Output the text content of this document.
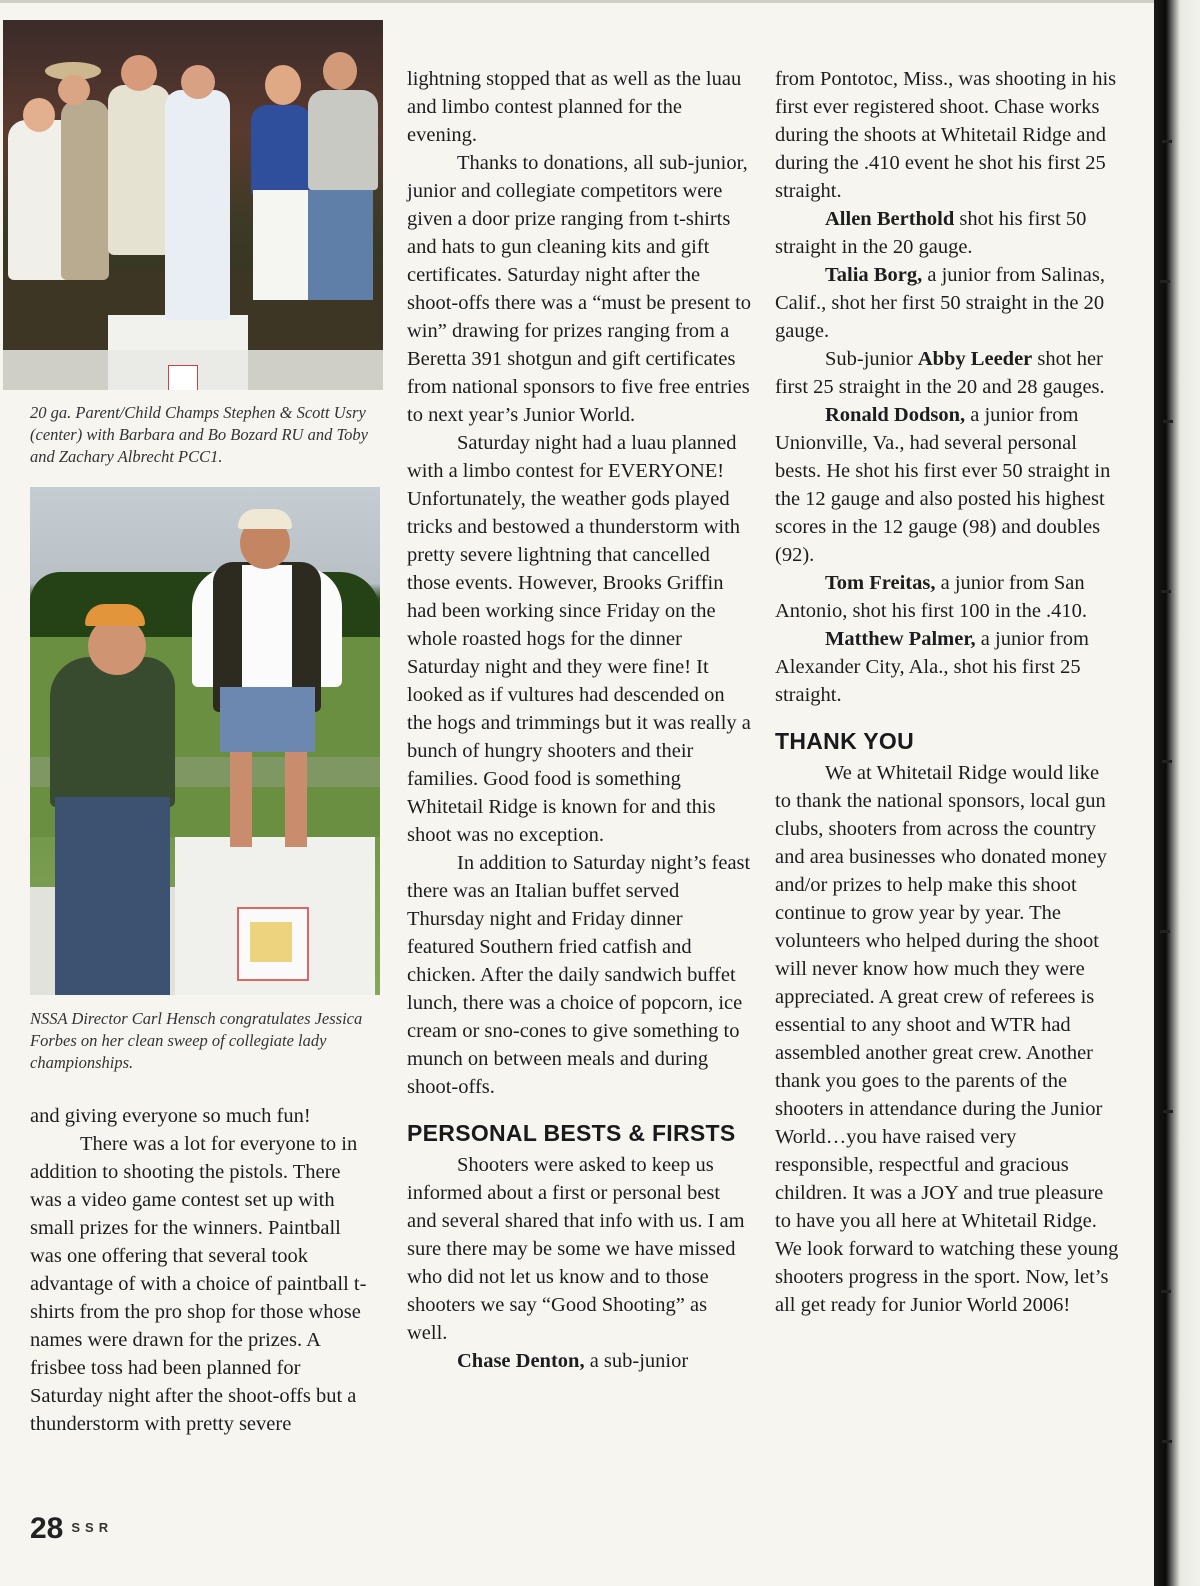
20 ga. Parent/Child Champs Stephen & Scott Usry (center) with Barbara and Bo Bozard RU and Toby and Zachary Albrecht PCC1.
NSSA Director Carl Hensch congratulates Jessica Forbes on her clean sweep of collegiate lady championships.

and giving everyone so much fun!

There was a lot for everyone to in addition to shooting the pistols. There was a video game contest set up with small prizes for the winners. Paintball was one offering that several took advantage of with a choice of paintball t-shirts from the pro shop for those whose names were drawn for the prizes. A frisbee toss had been planned for Saturday night after the shoot-offs but a thunderstorm with pretty severe

lightning stopped that as well as the luau and limbo contest planned for the evening.

Thanks to donations, all sub-junior, junior and collegiate competitors were given a door prize ranging from t-shirts and hats to gun cleaning kits and gift certificates. Saturday night after the shoot-offs there was a “must be present to win” drawing for prizes ranging from a Beretta 391 shotgun and gift certificates from national sponsors to five free entries to next year’s Junior World.

Saturday night had a luau planned with a limbo contest for EVERYONE! Unfortunately, the weather gods played tricks and bestowed a thunderstorm with pretty severe lightning that cancelled those events. However, Brooks Griffin had been working since Friday on the whole roasted hogs for the dinner Saturday night and they were fine! It looked as if vultures had descended on the hogs and trimmings but it was really a bunch of hungry shooters and their families. Good food is something Whitetail Ridge is known for and this shoot was no exception.

In addition to Saturday night’s feast there was an Italian buffet served Thursday night and Friday dinner featured Southern fried catfish and chicken. After the daily sandwich buffet lunch, there was a choice of popcorn, ice cream or sno-cones to give something to munch on between meals and during shoot-offs.

PERSONAL BESTS & FIRSTS

Shooters were asked to keep us informed about a first or personal best and several shared that info with us. I am sure there may be some we have missed who did not let us know and to those shooters we say “Good Shooting” as well.

Chase Denton, a sub-junior

from Pontotoc, Miss., was shooting in his first ever registered shoot. Chase works during the shoots at Whitetail Ridge and during the .410 event he shot his first 25 straight.

Allen Berthold shot his first 50 straight in the 20 gauge.

Talia Borg, a junior from Salinas, Calif., shot her first 50 straight in the 20 gauge.

Sub-junior Abby Leeder shot her first 25 straight in the 20 and 28 gauges.

Ronald Dodson, a junior from Unionville, Va., had several personal bests. He shot his first ever 50 straight in the 12 gauge and also posted his highest scores in the 12 gauge (98) and doubles (92).

Tom Freitas, a junior from San Antonio, shot his first 100 in the .410.

Matthew Palmer, a junior from Alexander City, Ala., shot his first 25 straight.

THANK YOU

We at Whitetail Ridge would like to thank the national sponsors, local gun clubs, shooters from across the country and area businesses who donated money and/or prizes to help make this shoot continue to grow year by year. The volunteers who helped during the shoot will never know how much they were appreciated. A great crew of referees is essential to any shoot and WTR had assembled another great crew. Another thank you goes to the parents of the shooters in attendance during the Junior World…you have raised very responsible, respectful and gracious children. It was a JOY and true pleasure to have you all here at Whitetail Ridge. We look forward to watching these young shooters progress in the sport. Now, let’s all get ready for Junior World 2006!

28 $^{SSR}$
